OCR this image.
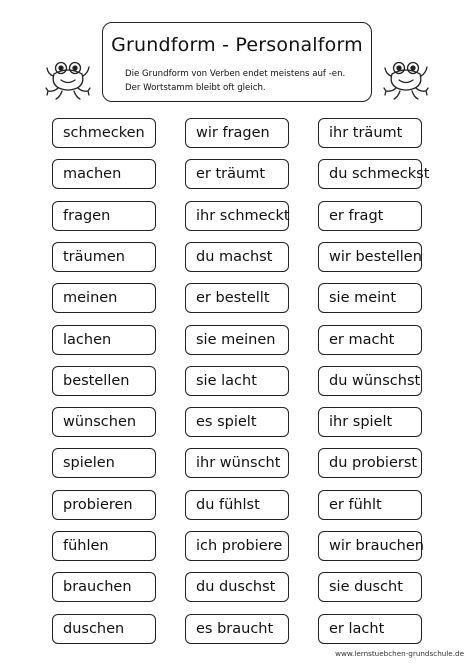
Grundform - Personalform
Die Grundform von Verben endet meistens auf -en.
Der Wortstamm bleibt oft gleich.
schmecken
machen
fragen
träumen
meinen
lachen
bestellen
wünschen
spielen
probieren
fühlen
brauchen
duschen
wir fragen
er träumt
ihr schmeckt
du machst
er bestellt
sie meinen
sie lacht
es spielt
ihr wünscht
du fühlst
ich probiere
du duschst
es braucht
ihr träumt
du schmeckst
er fragt
wir bestellen
sie meint
er macht
du wünschst
ihr spielt
du probierst
er fühlt
wir brauchen
sie duscht
er lacht
www.lernstuebchen-grundschule.de
